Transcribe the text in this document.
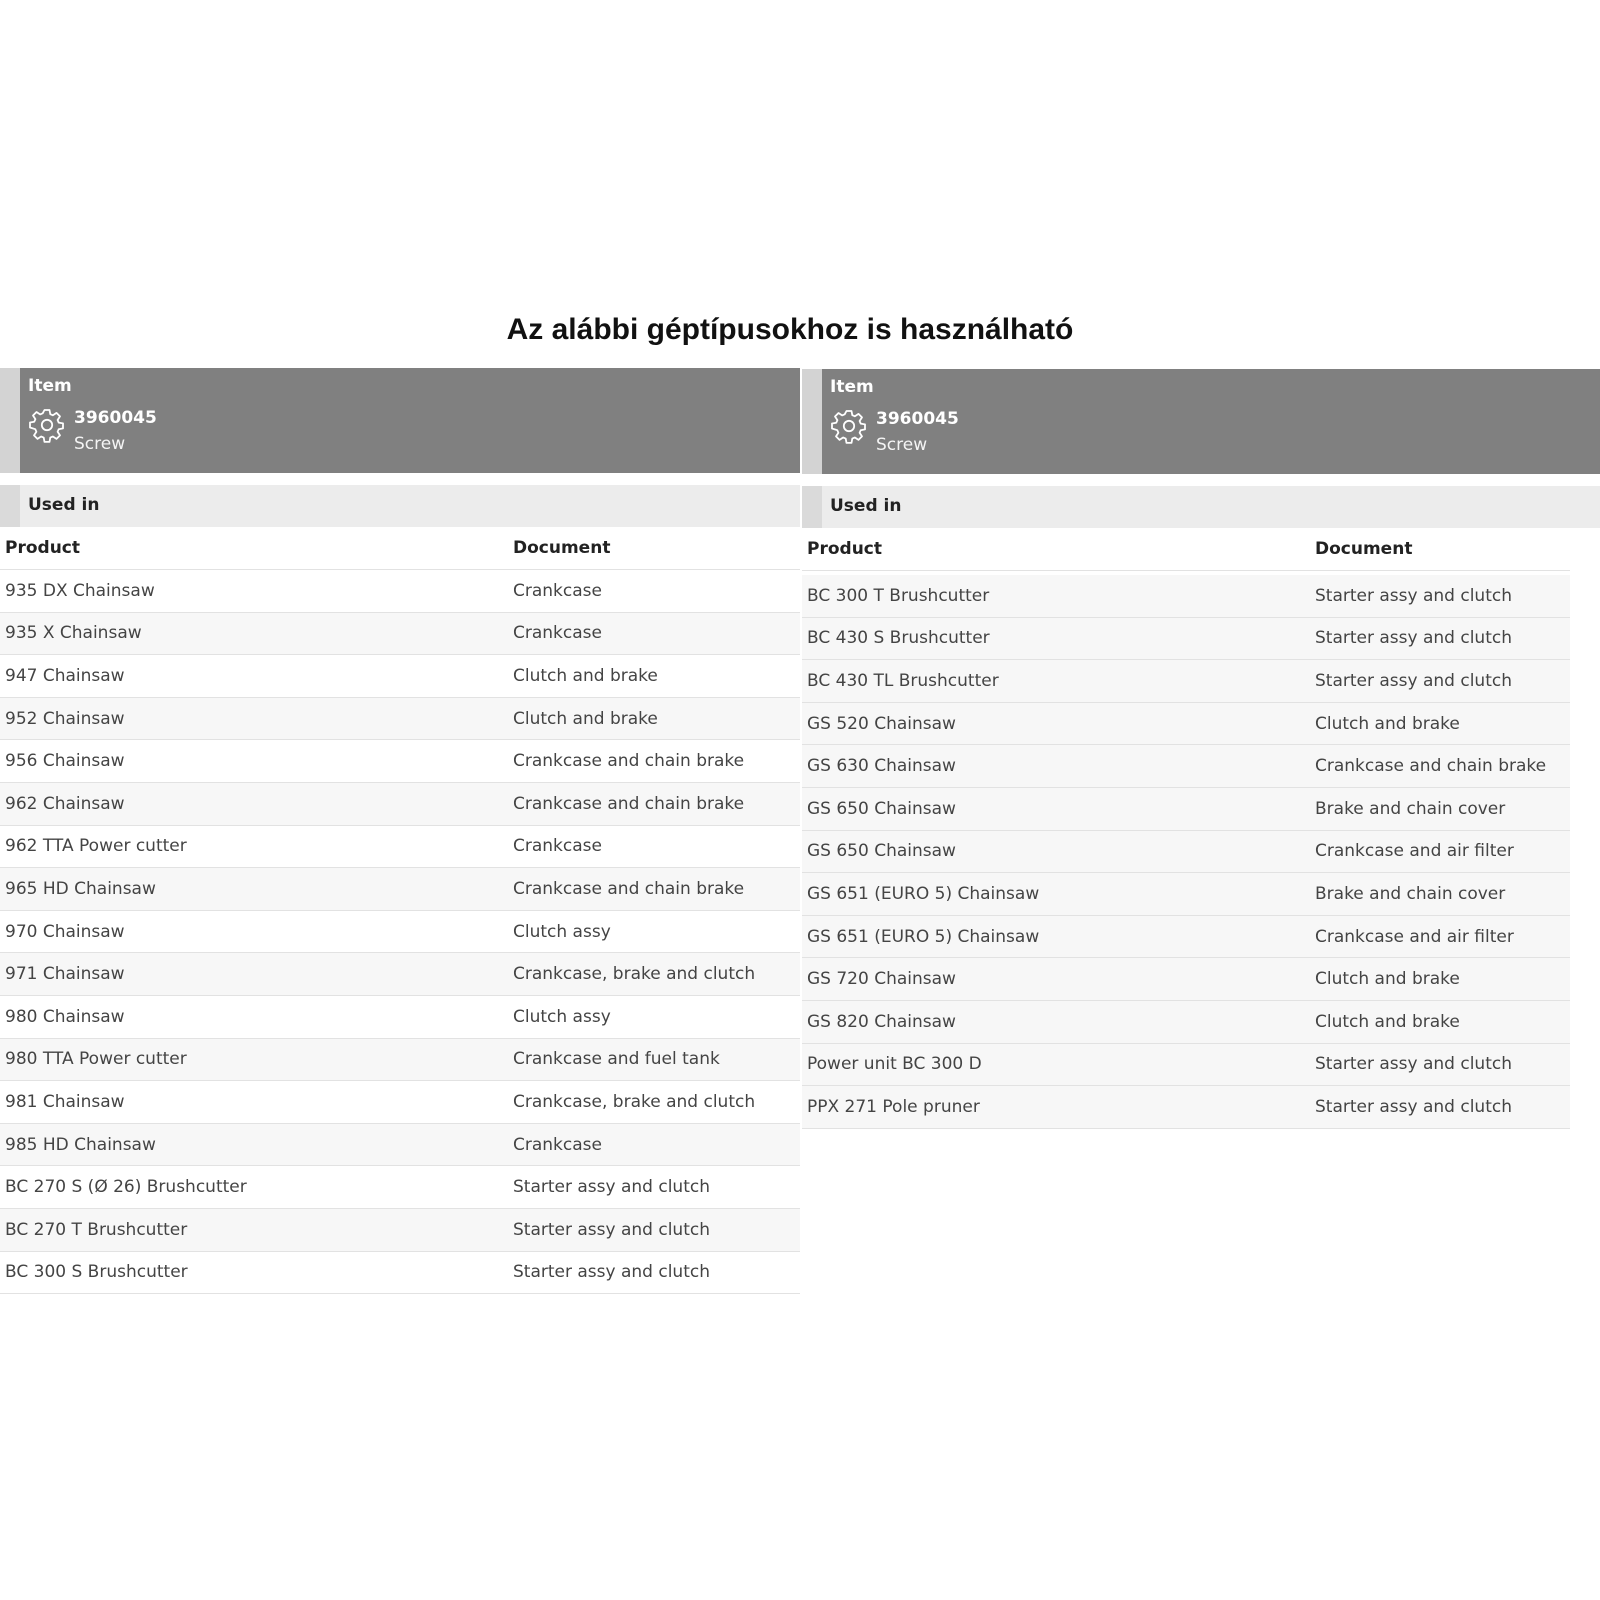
Az alábbi géptípusokhoz is használható
Item
3960045
Screw
Used in
Product	Document
935 DX Chainsaw	Crankcase
935 X Chainsaw	Crankcase
947 Chainsaw	Clutch and brake
952 Chainsaw	Clutch and brake
956 Chainsaw	Crankcase and chain brake
962 Chainsaw	Crankcase and chain brake
962 TTA Power cutter	Crankcase
965 HD Chainsaw	Crankcase and chain brake
970 Chainsaw	Clutch assy
971 Chainsaw	Crankcase, brake and clutch
980 Chainsaw	Clutch assy
980 TTA Power cutter	Crankcase and fuel tank
981 Chainsaw	Crankcase, brake and clutch
985 HD Chainsaw	Crankcase
BC 270 S (Ø 26) Brushcutter	Starter assy and clutch
BC 270 T Brushcutter	Starter assy and clutch
BC 300 S Brushcutter	Starter assy and clutch
Item
3960045
Screw
Used in
Product	Document

BC 300 T Brushcutter	Starter assy and clutch
BC 430 S Brushcutter	Starter assy and clutch
BC 430 TL Brushcutter	Starter assy and clutch
GS 520 Chainsaw	Clutch and brake
GS 630 Chainsaw	Crankcase and chain brake
GS 650 Chainsaw	Brake and chain cover
GS 650 Chainsaw	Crankcase and air filter
GS 651 (EURO 5) Chainsaw	Brake and chain cover
GS 651 (EURO 5) Chainsaw	Crankcase and air filter
GS 720 Chainsaw	Clutch and brake
GS 820 Chainsaw	Clutch and brake
Power unit BC 300 D	Starter assy and clutch
PPX 271 Pole pruner	Starter assy and clutch
